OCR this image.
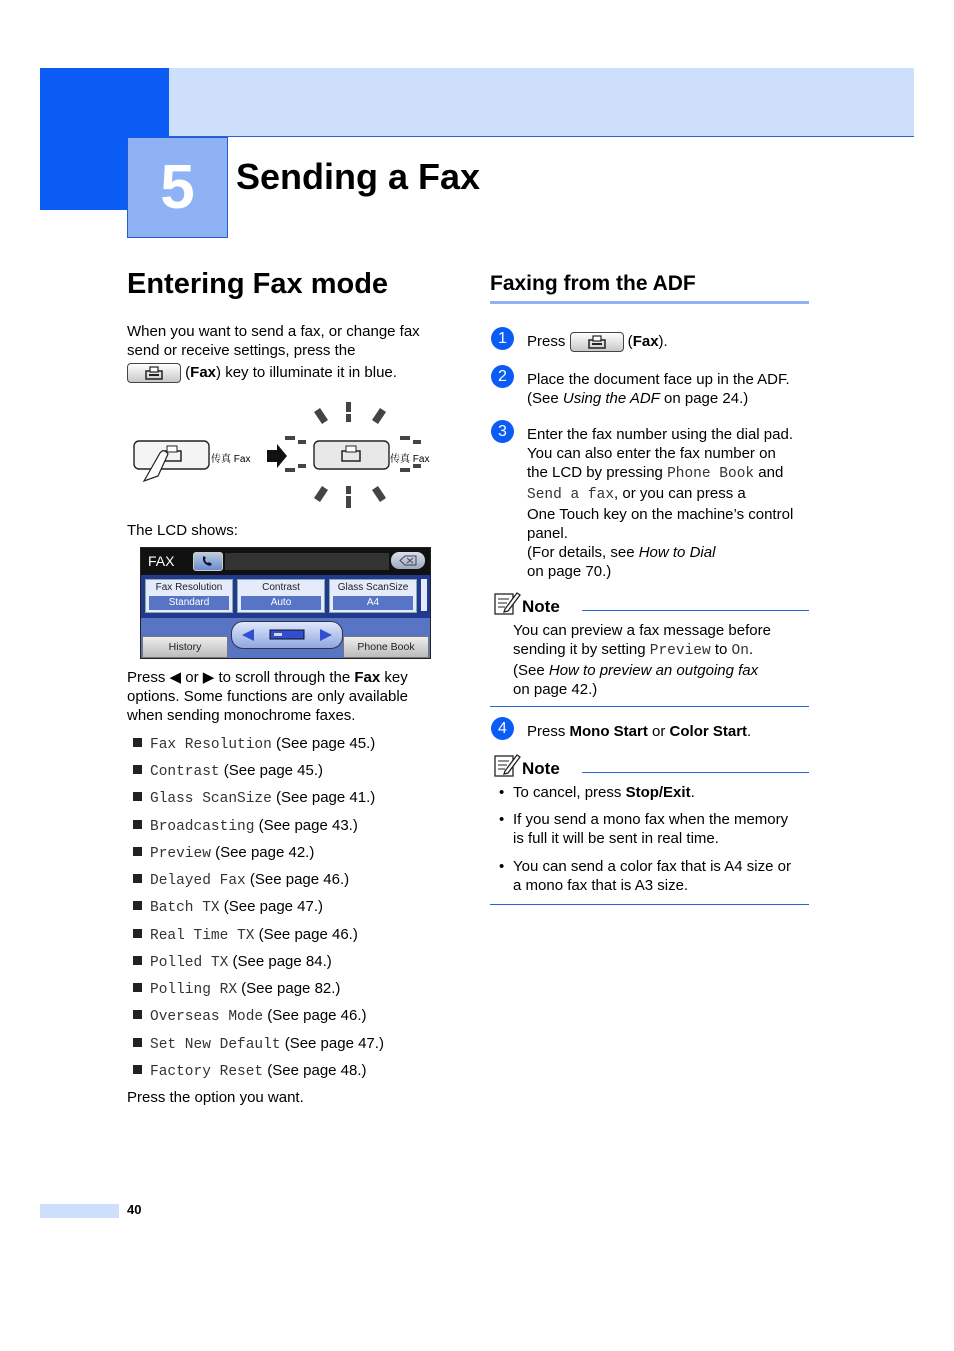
5	Sending a Fax
Entering Fax mode
When you want to send a fax, or change fax
send or receive settings, press the
(Fax) key to illuminate it in blue.
传真 Fax	传真 Fax
The LCD shows:
FAX
Fax Resolution
Standard
Contrast
Auto
Glass ScanSize
A4
History	Phone Book
Press ◀ or ▶ to scroll through the Fax key
options. Some functions are only available
when sending monochrome faxes.
Fax Resolution (See page 45.)
Contrast (See page 45.)
Glass ScanSize (See page 41.)
Broadcasting (See page 43.)
Preview (See page 42.)
Delayed Fax (See page 46.)
Batch TX (See page 47.)
Real Time TX (See page 46.)
Polled TX (See page 84.)
Polling RX (See page 82.)
Overseas Mode (See page 46.)
Set New Default (See page 47.)
Factory Reset (See page 48.)
Press the option you want.
Faxing from the ADF
1	Press	(Fax).
2	Place the document face up in the ADF.
(See Using the ADF on page 24.)
3	Enter the fax number using the dial pad.
You can also enter the fax number on
the LCD by pressing Phone Book and
Send a fax, or you can press a
One Touch key on the machine’s control
panel.
(For details, see How to Dial
on page 70.)
Note
You can preview a fax message before
sending it by setting Preview to On.
(See How to preview an outgoing fax
on page 42.)
4	Press Mono Start or Color Start.
Note
• To cancel, press Stop/Exit.
• If you send a mono fax when the memory
is full it will be sent in real time.
• You can send a color fax that is A4 size or
a mono fax that is A3 size.
40
